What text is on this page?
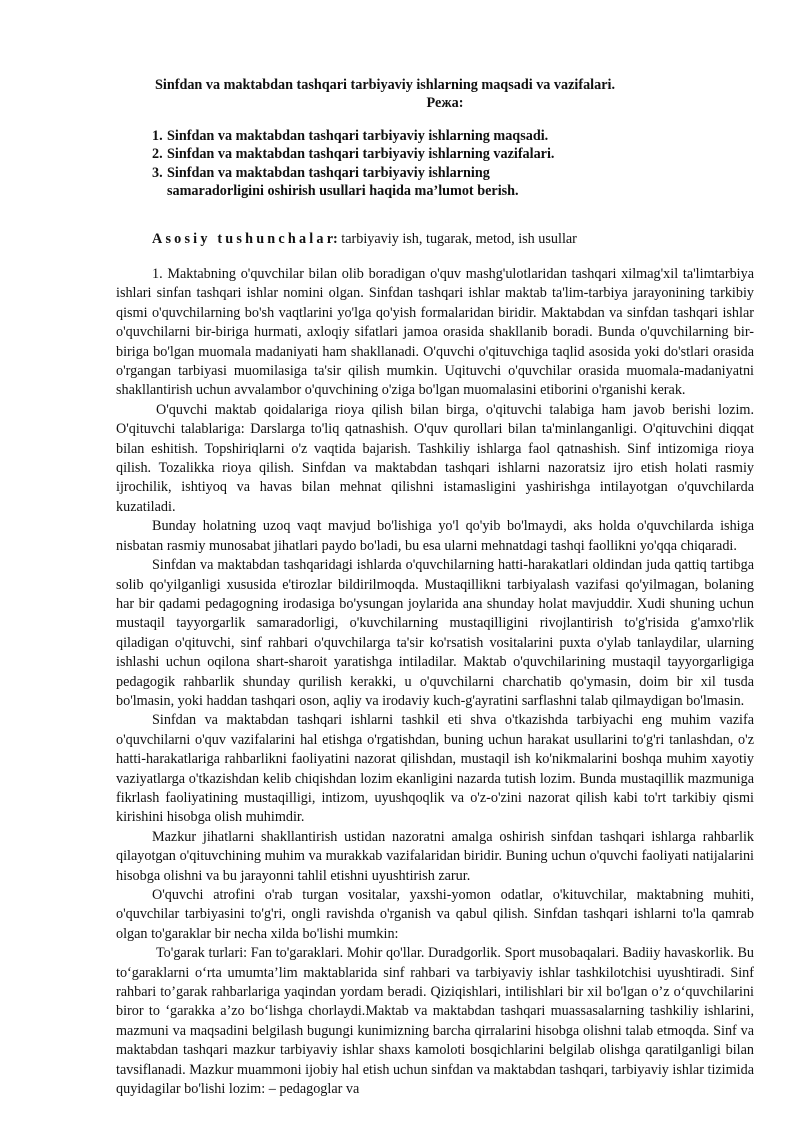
Sinfdan va maktabdan tashqari tarbiyaviy ishlarning maqsadi va vazifalari.
Режа:
1. Sinfdan va maktabdan tashqari tarbiyaviy ishlarning maqsadi.
2. Sinfdan va maktabdan tashqari tarbiyaviy ishlarning vazifalari.
3. Sinfdan va maktabdan tashqari tarbiyaviy ishlarning samaradorligini oshirish usullari haqida ma’lumot berish.
Asosiy tushunchalar: tarbiyaviy ish, tugarak, metod, ish usullar

1. Maktabning o'quvchilar bilan olib boradigan o'quv mashg'ulotlaridan tashqari xilmag'xil ta'limtarbiya ishlari sinfan tashqari ishlar nomini olgan. Sinfdan tashqari ishlar maktab ta'lim-tarbiya jarayonining tarkibiy qismi o'quvchilarning bo'sh vaqtlarini yo'lga qo'yish formalaridan biridir. Maktabdan va sinfdan tashqari ishlar o'quvchilarni bir-biriga hurmati, axloqiy sifatlari jamoa orasida shakllanib boradi. Bunda o'quvchilarning bir-biriga bo'lgan muomala madaniyati ham shakllanadi. O'quvchi o'qituvchiga taqlid asosida yoki do'stlari orasida o'rgangan tarbiyasi muomilasiga ta'sir qilish mumkin. Uqituvchi o'quvchilar orasida muomala-madaniyatni shakllantirish uchun avvalambor o'quvchining o'ziga bo'lgan muomalasini etiborini o'rganishi kerak.

O'quvchi maktab qoidalariga rioya qilish bilan birga, o'qituvchi talabiga ham javob berishi lozim. O'qituvchi talablariga: Darslarga to'liq qatnashish. O'quv qurollari bilan ta'minlanganligi. O'qituvchini diqqat bilan eshitish. Topshiriqlarni o'z vaqtida bajarish. Tashkiliy ishlarga faol qatnashish. Sinf intizomiga rioya qilish. Tozalikka rioya qilish. Sinfdan va maktabdan tashqari ishlarni nazoratsiz ijro etish holati rasmiy ijrochilik, ishtiyoq va havas bilan mehnat qilishni istamasligini yashirishga intilayotgan o'quvchilarda kuzatiladi.

Bunday holatning uzoq vaqt mavjud bo'lishiga yo'l qo'yib bo'lmaydi, aks holda o'quvchilarda ishiga nisbatan rasmiy munosabat jihatlari paydo bo'ladi, bu esa ularni mehnatdagi tashqi faollikni yo'qqa chiqaradi.

Sinfdan va maktabdan tashqaridagi ishlarda o'quvchilarning hatti-harakatlari oldindan juda qattiq tartibga solib qo'yilganligi xususida e'tirozlar bildirilmoqda. Mustaqillikni tarbiyalash vazifasi qo'yilmagan, bolaning har bir qadami pedagogning irodasiga bo'ysungan joylarida ana shunday holat mavjuddir. Xudi shuning uchun mustaqil tayyorgarlik samaradorligi, o'kuvchilarning mustaqilligini rivojlantirish to'g'risida g'amxo'rlik qiladigan o'qituvchi, sinf rahbari o'quvchilarga ta'sir ko'rsatish vositalarini puxta o'ylab tanlaydilar, ularning ishlashi uchun oqilona shart-sharoit yaratishga intiladilar. Maktab o'quvchilarining mustaqil tayyorgarligiga pedagogik rahbarlik shunday qurilish kerakki, u o'quvchilarni charchatib qo'ymasin, doim bir xil tusda bo'lmasin, yoki haddan tashqari oson, aqliy va irodaviy kuch-g'ayratini sarflashni talab qilmaydigan bo'lmasin.

Sinfdan va maktabdan tashqari ishlarni tashkil eti shva o'tkazishda tarbiyachi eng muhim vazifa o'quvchilarni o'quv vazifalarini hal etishga o'rgatishdan, buning uchun harakat usullarini to'g'ri tanlashdan, o'z hatti-harakatlariga rahbarlikni faoliyatini nazorat qilishdan, mustaqil ish ko'nikmalarini boshqa muhim xayotiy vaziyatlarga o'tkazishdan kelib chiqishdan lozim ekanligini nazarda tutish lozim. Bunda mustaqillik mazmuniga fikrlash faoliyatining mustaqilligi, intizom, uyushqoqlik va o'z-o'zini nazorat qilish kabi to'rt tarkibiy qismi kirishini hisobga olish muhimdir.

Mazkur jihatlarni shakllantirish ustidan nazoratni amalga oshirish sinfdan tashqari ishlarga rahbarlik qilayotgan o'qituvchining muhim va murakkab vazifalaridan biridir. Buning uchun o'quvchi faoliyati natijalarini hisobga olishni va bu jarayonni tahlil etishni uyushtirish zarur.

O'quvchi atrofini o'rab turgan vositalar, yaxshi-yomon odatlar, o'kituvchilar, maktabning muhiti, o'quvchilar tarbiyasini to'g'ri, ongli ravishda o'rganish va qabul qilish. Sinfdan tashqari ishlarni to'la qamrab olgan to'garaklar bir necha xilda bo'lishi mumkin:

To'garak turlari: Fan to'garaklari. Mohir qo'llar. Duradgorlik. Sport musobaqalari. Badiiy havaskorlik. Bu to‘garaklarni o‘rta umumta’lim maktablarida sinf rahbari va tarbiyaviy ishlar tashkilotchisi uyushtiradi. Sinf rahbari to’garak rahbarlariga yaqindan yordam beradi. Qiziqishlari, intilishlari bir xil bo'lgan o’z o‘quvchilarini biror to ‘garakka a’zo bo‘lishga chorlaydi.Maktab va maktabdan tashqari muassasalarning tashkiliy ishlarini, mazmuni va maqsadini belgilash bugungi kunimizning barcha qirralarini hisobga olishni talab etmoqda. Sinf va maktabdan tashqari mazkur tarbiyaviy ishlar shaxs kamoloti bosqichlarini belgilab olishga qaratilganligi bilan tavsiflanadi. Mazkur muammoni ijobiy hal etish uchun sinfdan va maktabdan tashqari, tarbiyaviy ishlar tizimida quyidagilar bo'lishi lozim: – pedagoglar va
